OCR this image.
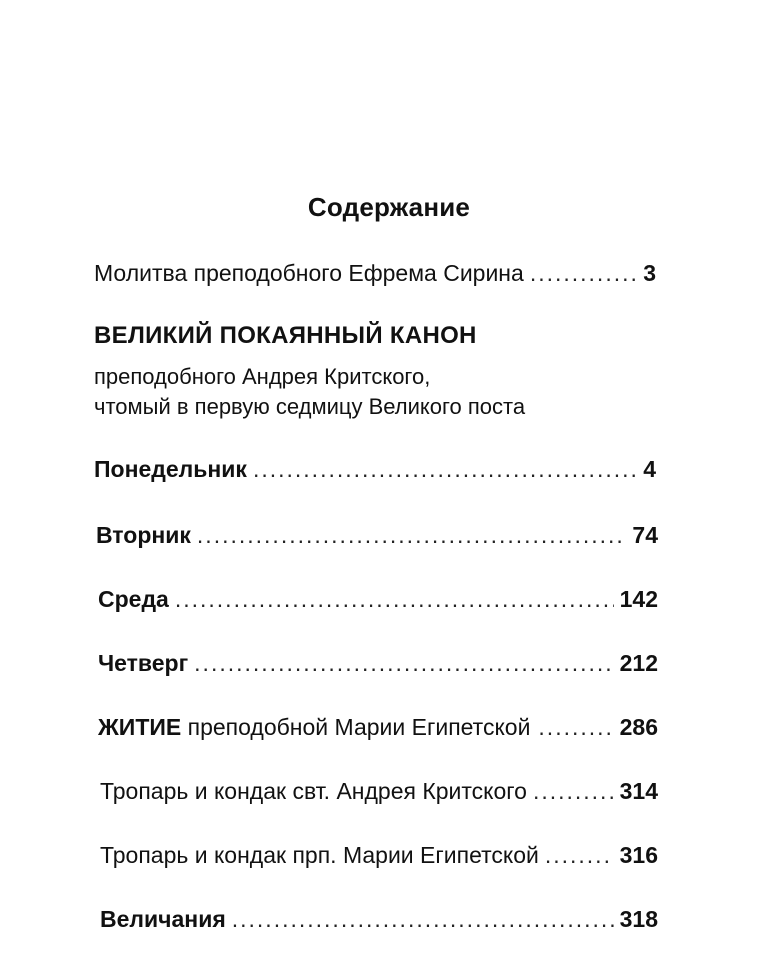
Содержание
Молитва преподобного Ефрема Сирина .....	3
ВЕЛИКИЙ ПОКАЯННЫЙ КАНОН
преподобного Андрея Критского,
чтомый в первую седмицу Великого поста
Понедельник .....	4
Вторник .....	74
Среда .....	142
Четверг .....	212
ЖИТИЕ преподобной Марии Египетской .....	286
Тропарь и кондак свт. Андрея Критского .....	314
Тропарь и кондак прп. Марии Египетской .....	316
Величания .....	318
